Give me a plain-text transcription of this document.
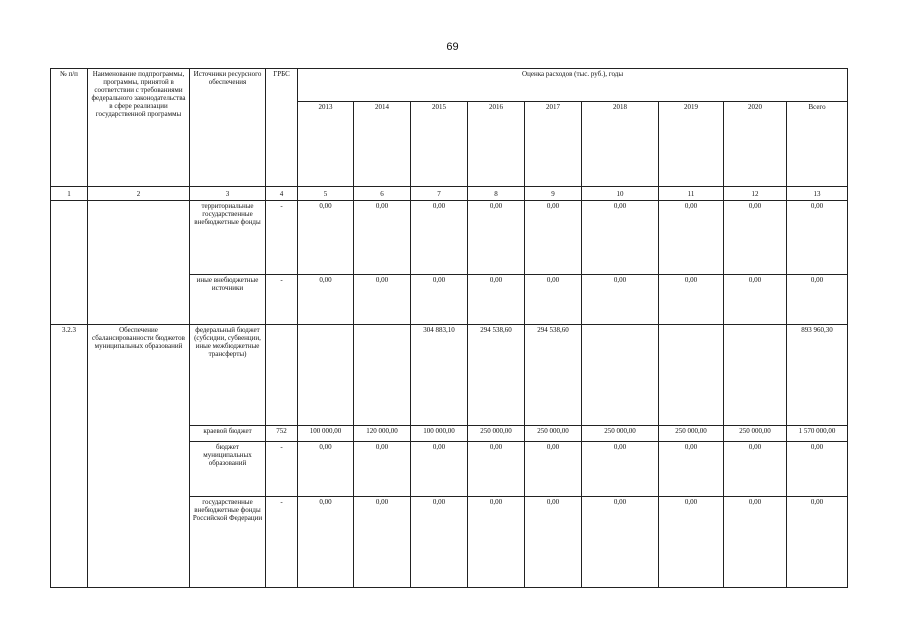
69
№ п/п	Наименование подпрограммы, программы, принятой в соответствии с требованиями федерального законодательства в сфере реализации государственной программы	Источники ресурсного обеспечения	ГРБС	Оценка расходов (тыс. руб.), годы								
				2013	2014	2015	2016	2017	2018	2019	2020	Всего
1	2	3	4	5	6	7	8	9	10	11	12	13
		территориальные государственные внебюджетные фонды	-	0,00	0,00	0,00	0,00	0,00	0,00	0,00	0,00	0,00
		иные внебюджетные источники	-	0,00	0,00	0,00	0,00	0,00	0,00	0,00	0,00	0,00
3.2.3	Обеспечение сбалансированности бюджетов муниципальных образований	федеральный бюджет (субсидии, субвенции, иные межбюджетные трансферты)				304 883,10	294 538,60	294 538,60				893 960,30
		краевой бюджет	752	100 000,00	120 000,00	100 000,00	250 000,00	250 000,00	250 000,00	250 000,00	250 000,00	1 570 000,00
		бюджет муниципальных образований	-	0,00	0,00	0,00	0,00	0,00	0,00	0,00	0,00	0,00
		государственные внебюджетные фонды Российской Федерации	-	0,00	0,00	0,00	0,00	0,00	0,00	0,00	0,00	0,00
